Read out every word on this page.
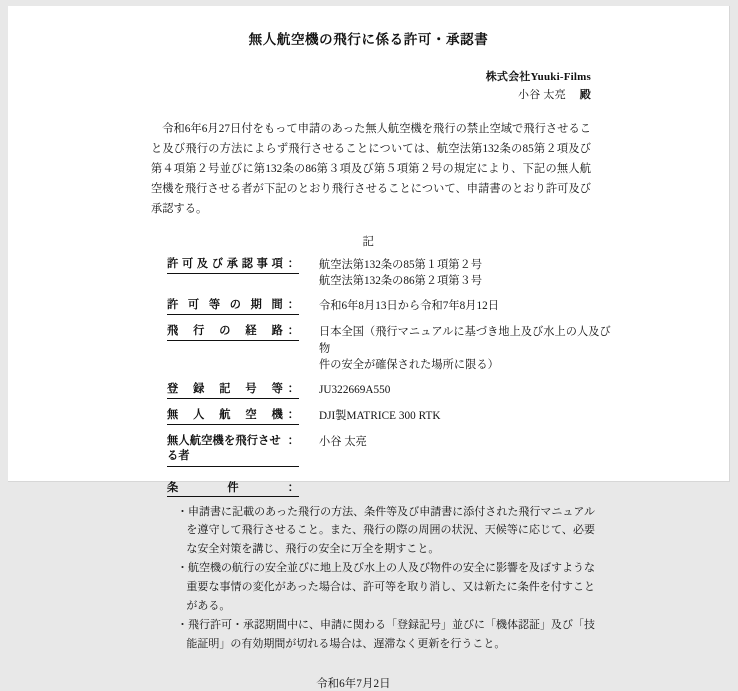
無人航空機の飛行に係る許可・承認書
株式会社Yuuki-Films
小谷 太亮 殿

令和6年6月27日付をもって申請のあった無人航空機を飛行の禁止空域で飛行させること及び飛行の方法によらず飛行させることについては、航空法第132条の85第２項及び第４項第２号並びに第132条の86第３項及び第５項第２号の規定により、下記の無人航空機を飛行させる者が下記のとおり飛行させることについて、申請書のとおり許可及び承認する。

記
許 可 及 び 承 認 事 項 ： 航空法第132条の85第１項第２号
航空法第132条の86第２項第３号
許 可 等 の 期 間 ： 令和6年8月13日から令和7年8月12日
飛 行 の 経 路 ： 日本全国（飛行マニュアルに基づき地上及び水上の人及び物
件の安全が確保された場所に限る）
登 録 記 号 等 ： JU322669A550
無 人 航 空 機 ： DJI製MATRICE 300 RTK
無人航空機を飛行させる者
： 小谷 太亮
条	件	：
・申請書に記載のあった飛行の方法、条件等及び申請書に添付された飛行マニュアルを遵守して飛行させること。また、飛行の際の周囲の状況、天候等に応じて、必要な安全対策を講じ、飛行の安全に万全を期すこと。
・航空機の航行の安全並びに地上及び水上の人及び物件の安全に影響を及ぼすような重要な事情の変化があった場合は、許可等を取り消し、又は新たに条件を付すことがある。
・飛行許可・承認期間中に、申請に関わる「登録記号」並びに「機体認証」及び「技能証明」の有効期間が切れる場合は、遅滞なく更新を行うこと。
令和6年7月2日
